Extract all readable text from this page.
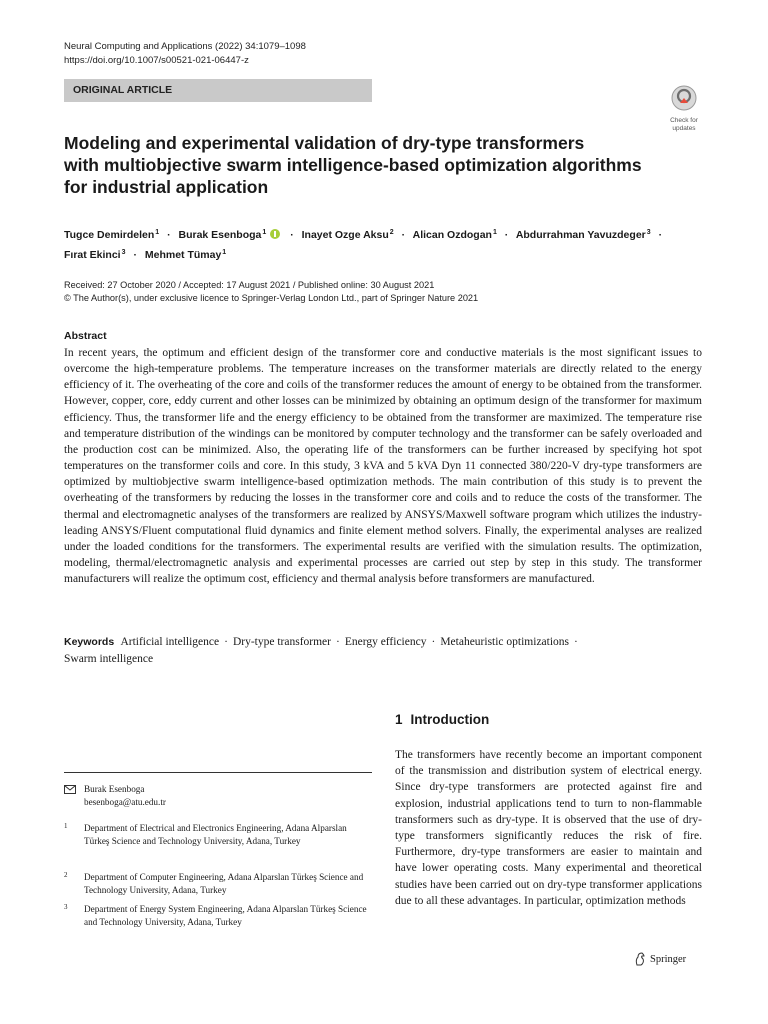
Neural Computing and Applications (2022) 34:1079–1098
https://doi.org/10.1007/s00521-021-06447-z
ORIGINAL ARTICLE
Check for
updates
Modeling and experimental validation of dry-type transformers
with multiobjective swarm intelligence-based optimization algorithms
for industrial application
Tugce Demirdelen$^1$ · Burak Esenboga$^1$ · Inayet Ozge Aksu$^2$ · Alican Ozdogan$^1$ · Abdurrahman Yavuzdeger$^3$ ·
Fırat Ekinci$^3$ · Mehmet Tümay$^1$
Received: 27 October 2020 / Accepted: 17 August 2021 / Published online: 30 August 2021
© The Author(s), under exclusive licence to Springer-Verlag London Ltd., part of Springer Nature 2021
Abstract
In recent years, the optimum and efficient design of the transformer core and conductive materials is the most significant issues to overcome the high-temperature problems. The temperature increases on the transformer materials are directly related to the energy efficiency of it. The overheating of the core and coils of the transformer reduces the amount of energy to be obtained from the transformer. However, copper, core, eddy current and other losses can be minimized by obtaining an optimum design of the transformer for maximum efficiency. Thus, the transformer life and the energy efficiency to be obtained from the transformer are maximized. The temperature rise and temperature distribution of the windings can be monitored by computer technology and the transformer can be safely overloaded and the production cost can be minimized. Also, the operating life of the transformers can be further increased by specifying hot spot temperatures on the transformer coils and core. In this study, 3 kVA and 5 kVA Dyn 11 connected 380/220-V dry-type transformers are optimized by multiobjective swarm intelligence-based optimization methods. The main contribution of this study is to prevent the overheating of the transformers by reducing the losses in the transformer core and coils and to reduce the costs of the transformer. The thermal and electromagnetic analyses of the transformers are realized by ANSYS/Maxwell software program which utilizes the industry-leading ANSYS/Fluent computational fluid dynamics and finite element method solvers. Finally, the experimental analyses are realized under the loaded conditions for the transformers. The experimental results are verified with the simulation results. The optimization, modeling, thermal/electromagnetic analysis and experimental processes are carried out step by step in this study. The transformer manufacturers will realize the optimum cost, efficiency and thermal analysis before transformers are manufactured.
Keywords Artificial intelligence · Dry-type transformer · Energy efficiency · Metaheuristic optimizations ·
Swarm intelligence
1 Introduction
The transformers have recently become an important component of the transmission and distribution system of electrical energy. Since dry-type transformers are protected against fire and explosion, industrial applications tend to turn to non-flammable transformers such as dry-type. It is observed that the use of dry-type transformers significantly reduces the risk of fire. Furthermore, dry-type transformers are easier to maintain and have lower operating costs. Many experimental and theoretical studies have been carried out on dry-type transformer applications due to all these advantages. In particular, optimization methods
Burak Esenboga
besenboga@atu.edu.tr
1 Department of Electrical and Electronics Engineering, Adana Alparslan Türkeş Science and Technology University, Adana, Turkey
2 Department of Computer Engineering, Adana Alparslan Türkeş Science and Technology University, Adana, Turkey
3 Department of Energy System Engineering, Adana Alparslan Türkeş Science and Technology University, Adana, Turkey
Springer
